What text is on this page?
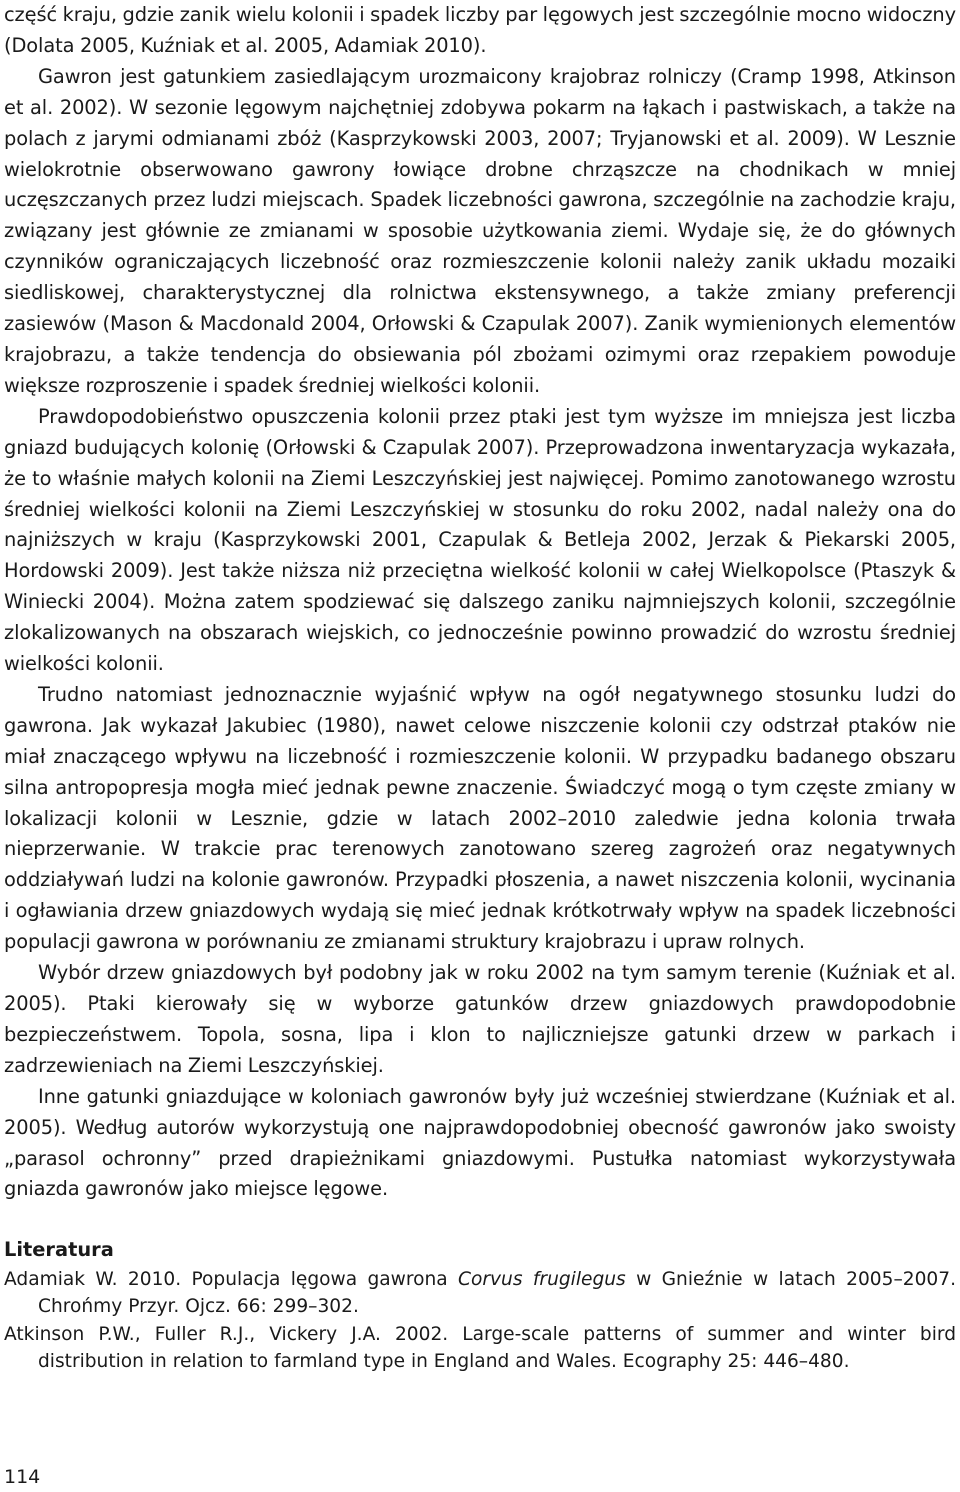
część kraju, gdzie zanik wielu kolonii i spadek liczby par lęgowych jest szczególnie mocno widoczny (Dolata 2005, Kuźniak et al. 2005, Adamiak 2010).

Gawron jest gatunkiem zasiedlającym urozmaicony krajobraz rolniczy (Cramp 1998, Atkinson et al. 2002). W sezonie lęgowym najchętniej zdobywa pokarm na łąkach i pastwiskach, a także na polach z jarymi odmianami zbóż (Kasprzykowski 2003, 2007; Tryjanowski et al. 2009). W Lesznie wielokrotnie obserwowano gawrony łowiące drobne chrząszcze na chodnikach w mniej uczęszczanych przez ludzi miejscach. Spadek liczebności gawrona, szczególnie na zachodzie kraju, związany jest głównie ze zmianami w sposobie użytkowania ziemi. Wydaje się, że do głównych czynników ograniczających liczebność oraz rozmieszczenie kolonii należy zanik układu mozaiki siedliskowej, charakterystycznej dla rolnictwa ekstensywnego, a także zmiany preferencji zasiewów (Mason & Macdonald 2004, Orłowski & Czapulak 2007). Zanik wymienionych elementów krajobrazu, a także tendencja do obsiewania pól zbożami ozimymi oraz rzepakiem powoduje większe rozproszenie i spadek średniej wielkości kolonii.

Prawdopodobieństwo opuszczenia kolonii przez ptaki jest tym wyższe im mniejsza jest liczba gniazd budujących kolonię (Orłowski & Czapulak 2007). Przeprowadzona inwentaryzacja wykazała, że to właśnie małych kolonii na Ziemi Leszczyńskiej jest najwięcej. Pomimo zanotowanego wzrostu średniej wielkości kolonii na Ziemi Leszczyńskiej w stosunku do roku 2002, nadal należy ona do najniższych w kraju (Kasprzykowski 2001, Czapulak & Betleja 2002, Jerzak & Piekarski 2005, Hordowski 2009). Jest także niższa niż przeciętna wielkość kolonii w całej Wielkopolsce (Ptaszyk & Winiecki 2004). Można zatem spodziewać się dalszego zaniku najmniejszych kolonii, szczególnie zlokalizowanych na obszarach wiejskich, co jednocześnie powinno prowadzić do wzrostu średniej wielkości kolonii.

Trudno natomiast jednoznacznie wyjaśnić wpływ na ogół negatywnego stosunku ludzi do gawrona. Jak wykazał Jakubiec (1980), nawet celowe niszczenie kolonii czy odstrzał ptaków nie miał znaczącego wpływu na liczebność i rozmieszczenie kolonii. W przypadku badanego obszaru silna antropopresja mogła mieć jednak pewne znaczenie. Świadczyć mogą o tym częste zmiany w lokalizacji kolonii w Lesznie, gdzie w latach 2002–2010 zaledwie jedna kolonia trwała nieprzerwanie. W trakcie prac terenowych zanotowano szereg zagrożeń oraz negatywnych oddziaływań ludzi na kolonie gawronów. Przypadki płoszenia, a nawet niszczenia kolonii, wycinania i ogławiania drzew gniazdowych wydają się mieć jednak krótkotrwały wpływ na spadek liczebności populacji gawrona w porównaniu ze zmianami struktury krajobrazu i upraw rolnych.

Wybór drzew gniazdowych był podobny jak w roku 2002 na tym samym terenie (Kuźniak et al. 2005). Ptaki kierowały się w wyborze gatunków drzew gniazdowych prawdopodobnie bezpieczeństwem. Topola, sosna, lipa i klon to najliczniejsze gatunki drzew w parkach i zadrzewieniach na Ziemi Leszczyńskiej.

Inne gatunki gniazdujące w koloniach gawronów były już wcześniej stwierdzane (Kuźniak et al. 2005). Według autorów wykorzystują one najprawdopodobniej obecność gawronów jako swoisty „parasol ochronny” przed drapieżnikami gniazdowymi. Pustułka natomiast wykorzystywała gniazda gawronów jako miejsce lęgowe.

Literatura

Adamiak W. 2010. Populacja lęgowa gawrona Corvus frugilegus w Gnieźnie w latach 2005–2007. Chrońmy Przyr. Ojcz. 66: 299–302.

Atkinson P.W., Fuller R.J., Vickery J.A. 2002. Large-scale patterns of summer and winter bird distribution in relation to farmland type in England and Wales. Ecography 25: 446–480.

114
